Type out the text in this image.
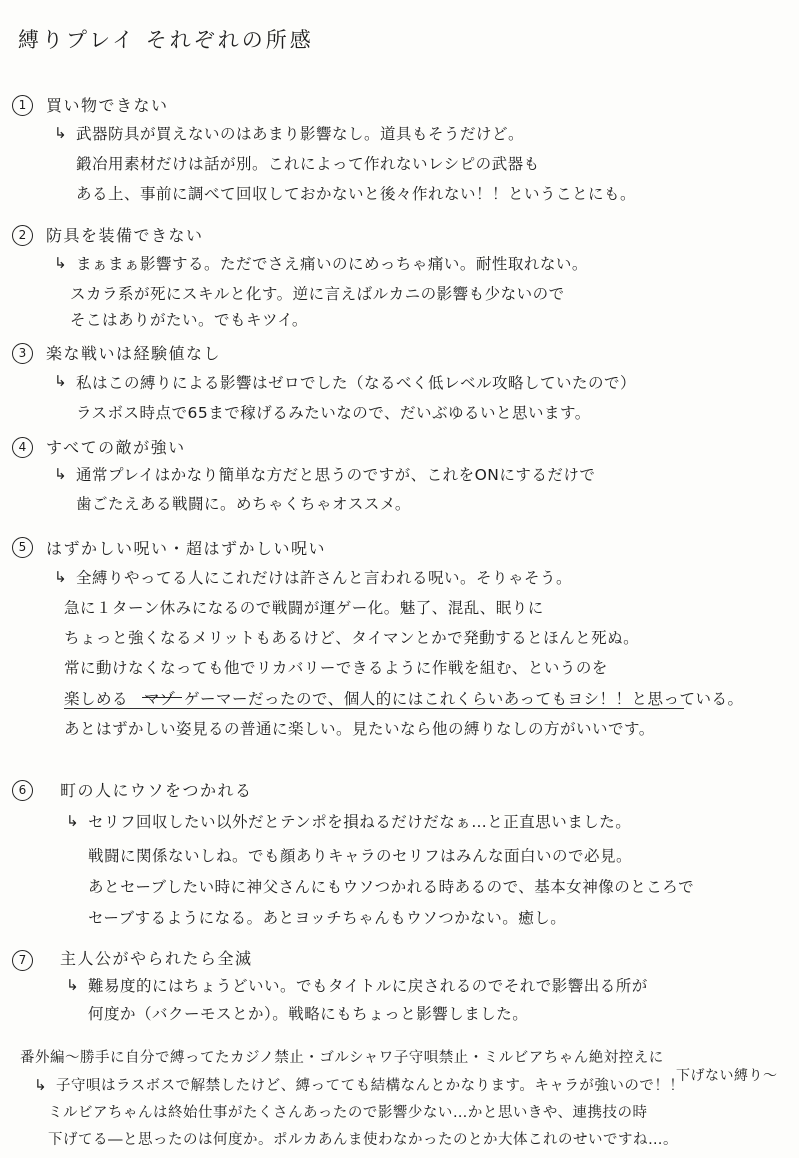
縛りプレイ それぞれの所感
1	買い物できない
↳ 武器防具が買えないのはあまり影響なし。道具もそうだけど。
鍛冶用素材だけは話が別。これによって作れないレシピの武器も
ある上、事前に調べて回収しておかないと後々作れない！！ということにも。
2	防具を装備できない
↳ まぁまぁ影響する。ただでさえ痛いのにめっちゃ痛い。耐性取れない。
スカラ系が死にスキルと化す。逆に言えばルカニの影響も少ないので
そこはありがたい。でもキツイ。
3	楽な戦いは経験値なし
↳ 私はこの縛りによる影響はゼロでした（なるべく低レベル攻略していたので）
ラスボス時点で65まで稼げるみたいなので、だいぶゆるいと思います。
4	すべての敵が強い
↳ 通常プレイはかなり簡単な方だと思うのですが、これをONにするだけで
歯ごたえある戦闘に。めちゃくちゃオススメ。
5	はずかしい呪い・超はずかしい呪い
↳ 全縛りやってる人にこれだけは許さんと言われる呪い。そりゃそう。
急に１ターン休みになるので戦闘が運ゲー化。魅了、混乱、眠りに
ちょっと強くなるメリットもあるけど、タイマンとかで発動するとほんと死ぬ。
常に動けなくなっても他でリカバリーできるように作戦を組む、というのを
楽しめる マゾ ゲーマーだったので、個人的にはこれくらいあってもヨシ！！と思っている。
あとはずかしい姿見るの普通に楽しい。見たいなら他の縛りなしの方がいいです。
6	町の人にウソをつかれる
↳ セリフ回収したい以外だとテンポを損ねるだけだなぁ…と正直思いました。
戦闘に関係ないしね。でも顔ありキャラのセリフはみんな面白いので必見。
あとセーブしたい時に神父さんにもウソつかれる時あるので、基本女神像のところで
セーブするようになる。あとヨッチちゃんもウソつかない。癒し。
7	主人公がやられたら全滅
↳ 難易度的にはちょうどいい。でもタイトルに戻されるのでそれで影響出る所が
何度か（バクーモスとか）。戦略にもちょっと影響しました。
番外編～勝手に自分で縛ってたカジノ禁止・ゴルシャワ子守唄禁止・ミルビアちゃん絶対控えに
下げない縛り～
↳ 子守唄はラスボスで解禁したけど、縛ってても結構なんとかなります。キャラが強いので！！
ミルビアちゃんは終始仕事がたくさんあったので影響少ない…かと思いきや、連携技の時
下げてる―と思ったのは何度か。ポルカあんま使わなかったのとか大体これのせいですね…。
